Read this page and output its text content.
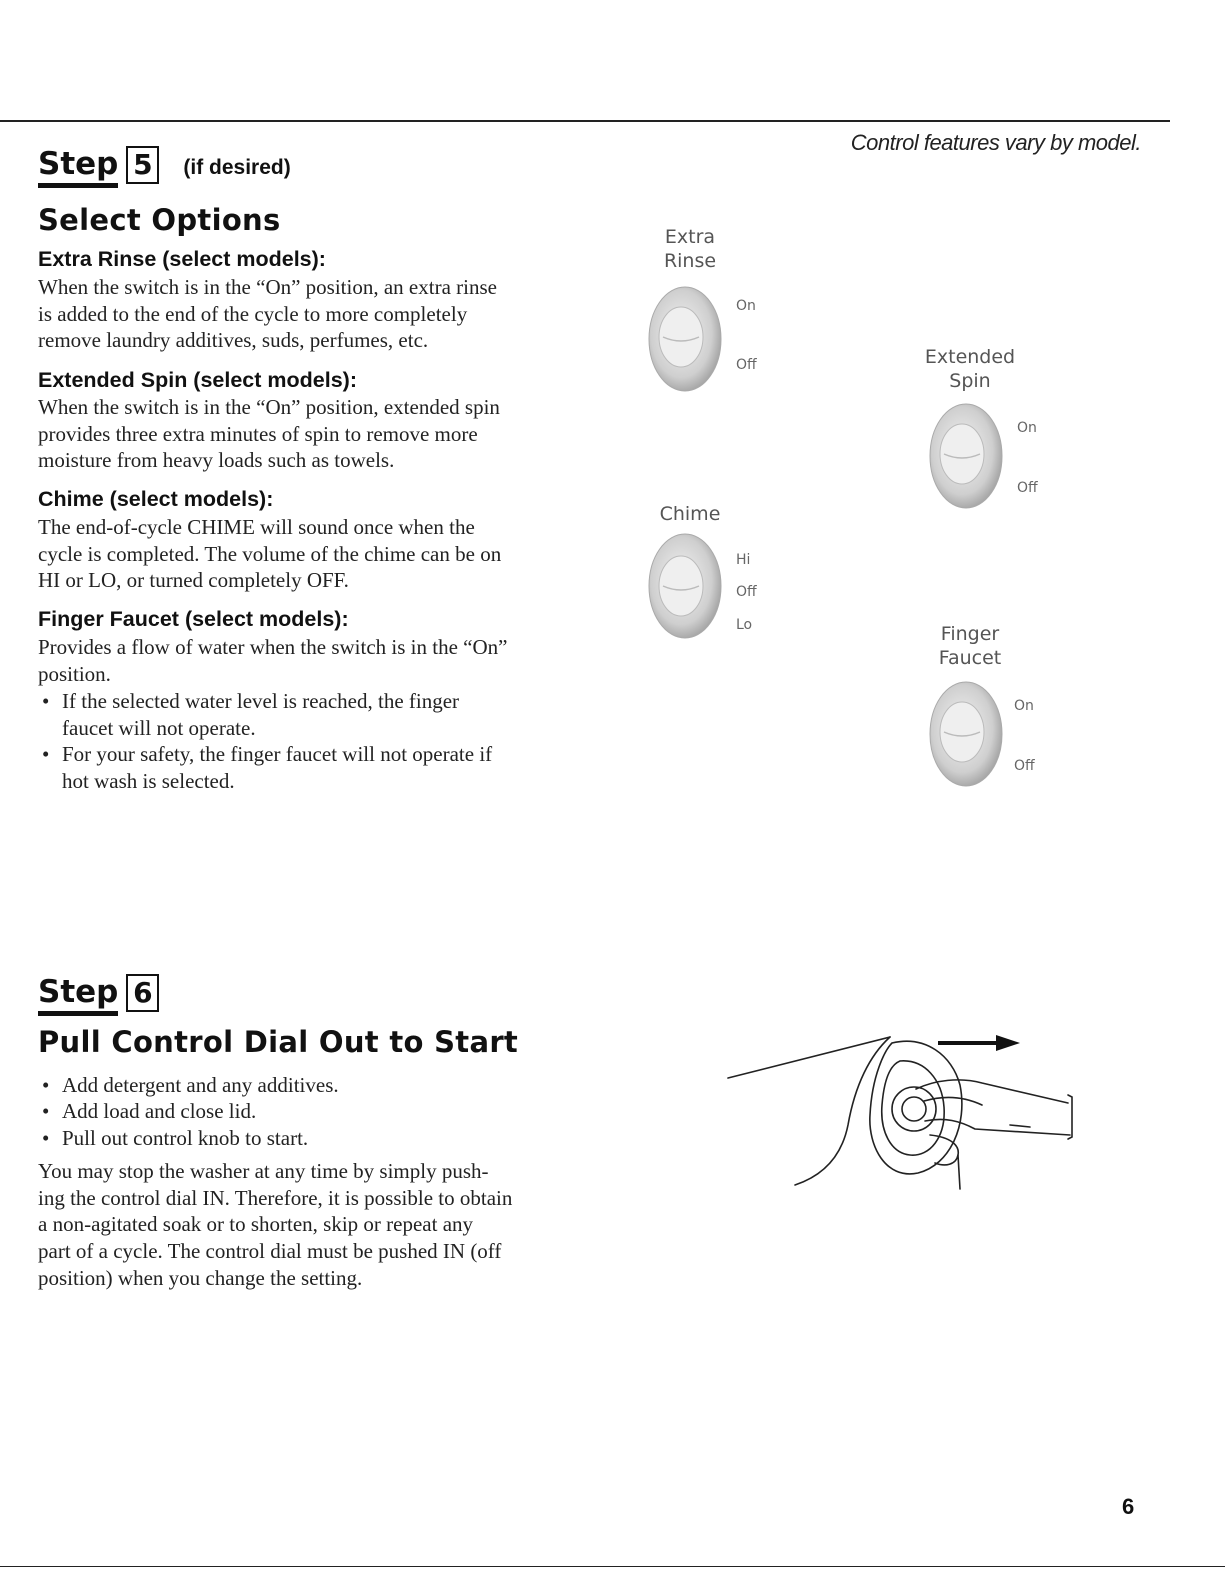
Control features vary by model.
Step 5	(if desired)
Select Options
Extra Rinse (select models):
When the switch is in the “On” position, an extra rinse
is added to the end of the cycle to more completely
remove laundry additives, suds, perfumes, etc.
Extended Spin (select models):
When the switch is in the “On” position, extended spin
provides three extra minutes of spin to remove more
moisture from heavy loads such as towels.
Chime (select models):
The end-of-cycle CHIME will sound once when the
cycle is completed. The volume of the chime can be on
HI or LO, or turned completely OFF.
Finger Faucet (select models):
Provides a flow of water when the switch is in the “On”
position.
• If the selected water level is reached, the finger
faucet will not operate.
• For your safety, the finger faucet will not operate if
hot wash is selected.
Extra
Rinse
On
Off	Extended
Spin
On
Off
Chime
Hi
Off
Lo	Finger
Faucet
On
Off
Step 6
Pull Control Dial Out to Start
• Add detergent and any additives.
• Add load and close lid.
• Pull out control knob to start.
You may stop the washer at any time by simply push-
ing the control dial IN. Therefore, it is possible to obtain
a non-agitated soak or to shorten, skip or repeat any
part of a cycle. The control dial must be pushed IN (off
position) when you change the setting.
6
